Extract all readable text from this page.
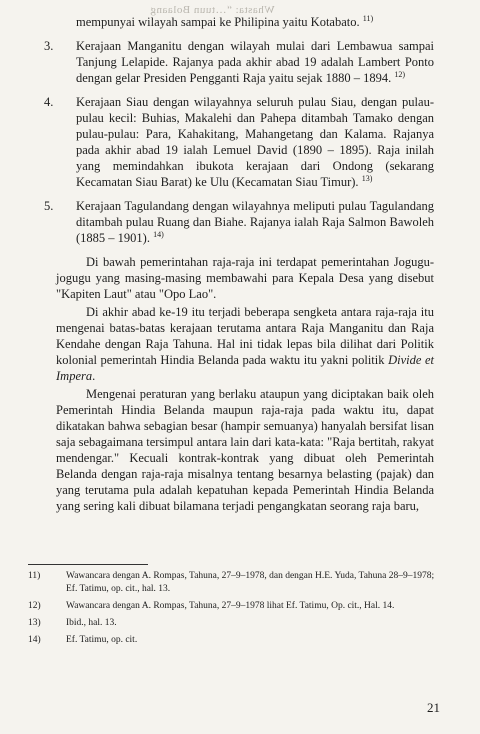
Whasta: “…tuun Bolaang
mempunyai wilayah sampai ke Philipina yaitu Kotabato. $^{11)}$
3. Kerajaan Manganitu dengan wilayah mulai dari Lembawua sampai Tanjung Lelapide. Rajanya pada akhir abad 19 adalah Lambert Ponto dengan gelar Presiden Pengganti Raja yaitu sejak 1880 – 1894. $^{12)}$
4. Kerajaan Siau dengan wilayahnya seluruh pulau Siau, dengan pulau-pulau kecil: Buhias, Makalehi dan Pahepa ditambah Tamako dengan pulau-pulau: Para, Kahakitang, Mahangetang dan Kalama. Rajanya pada akhir abad 19 ialah Lemuel David (1890 – 1895). Raja inilah yang memindahkan ibukota kerajaan dari Ondong (sekarang Kecamatan Siau Barat) ke Ulu (Kecamatan Siau Timur). $^{13)}$
5. Kerajaan Tagulandang dengan wilayahnya meliputi pulau Tagulandang ditambah pulau Ruang dan Biahe. Rajanya ialah Raja Salmon Bawoleh (1885 – 1901). $^{14)}$

Di bawah pemerintahan raja-raja ini terdapat pemerintahan Jogugu-jogugu yang masing-masing membawahi para Kepala Desa yang disebut "Kapiten Laut" atau "Opo Lao".

Di akhir abad ke-19 itu terjadi beberapa sengketa antara raja-raja itu mengenai batas-batas kerajaan terutama antara Raja Manganitu dan Raja Kendahe dengan Raja Tahuna. Hal ini tidak lepas bila dilihat dari Politik kolonial pemerintah Hindia Belanda pada waktu itu yakni politik Divide et Impera.

Mengenai peraturan yang berlaku ataupun yang diciptakan baik oleh Pemerintah Hindia Belanda maupun raja-raja pada waktu itu, dapat dikatakan bahwa sebagian besar (hampir semuanya) hanyalah bersifat lisan saja sebagaimana tersimpul antara lain dari kata-kata: "Raja bertitah, rakyat mendengar." Kecuali kontrak-kontrak yang dibuat oleh Pemerintah Belanda dengan raja-raja misalnya tentang besarnya belasting (pajak) dan yang terutama pula adalah kepatuhan kepada Pemerintah Hindia Belanda yang sering kali dibuat bilamana terjadi pengangkatan seorang raja baru,

11)	Wawancara dengan A. Rompas, Tahuna, 27–9–1978, dan dengan H.E. Yuda, Tahuna 28–9–1978; Ef. Tatimu, op. cit., hal. 13.
12)	Wawancara dengan A. Rompas, Tahuna, 27–9–1978 lihat Ef. Tatimu, Op. cit., Hal. 14.
13)	Ibid., hal. 13.
14)	Ef. Tatimu, op. cit.
21
